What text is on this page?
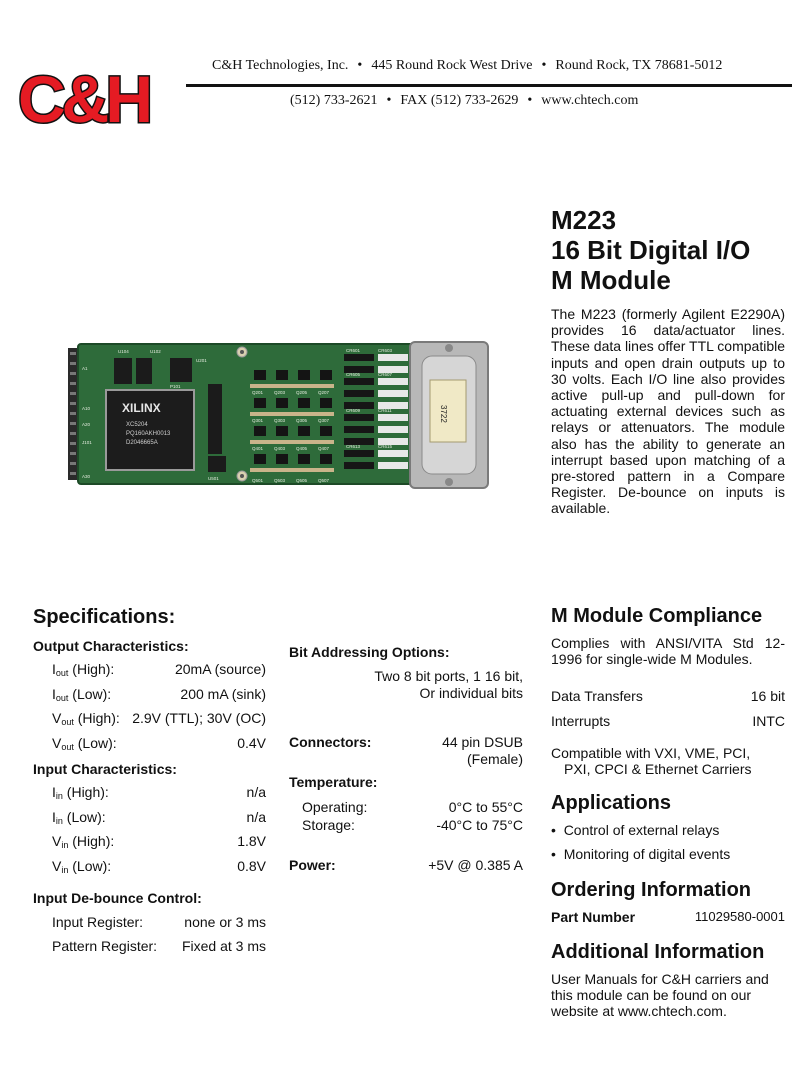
C&H	C&H Technologies, Inc. • 445 Round Rock West Drive • Round Rock, TX 78681-5012
(512) 733-2621 • FAX (512) 733-2629 • www.chtech.com
M223
16 Bit Digital I/O
M Module
The M223 (formerly Agilent E2290A) provides 16 data/actuator lines. These data lines offer TTL compatible inputs and open drain outputs up to 30 volts. Each I/O line also provides active pull-up and pull-down for actuating external devices such as relays or attenuators. The module also has the ability to generate an interrupt based upon matching of a pre-stored pattern in a Compare Register. De-bounce on inputs is available.
XILINX
XC5204
PQ160AKH0013
D2046665A
3722
U104	U102
U201
P101
J101
U501
A1
A10
A20
A30
Q201 Q203 Q205 Q207
Q301 Q303 Q305 Q307
Q401 Q403 Q405 Q407
Q501 Q503 Q505 Q507
CR601	CR603
CR605	CR607
CR609	CR611
CR613	CR615
Specifications:
Output Characteristics:
$I_{out}$ (High):	20mA (source)
$I_{out}$ (Low):	200 mA (sink)
$V_{out}$ (High): 2.9V (TTL); 30V (OC)
$V_{out}$ (Low):	0.4V
Input Characteristics:
$I_{in}$ (High):	n/a
$I_{in}$ (Low):	n/a
$V_{in}$ (High):	1.8V
$V_{in}$ (Low):	0.8V
Input De-bounce Control:
Input Register:	none or 3 ms
Pattern Register: Fixed at 3 ms
Bit Addressing Options:
Two 8 bit ports, 1 16 bit,
Or individual bits
Connectors:	44 pin DSUB
(Female)
Temperature:
Operating:	0°C to 55°C
Storage:	-40°C to 75°C
Power:	+5V @ 0.385 A
M Module Compliance
Complies with ANSI/VITA Std 12-1996 for single-wide M Modules.
Data Transfers	16 bit
Interrupts	INTC
Compatible with VXI, VME, PCI,
PXI, CPCI & Ethernet Carriers
Applications
•  Control of external relays
•  Monitoring of digital events
Ordering Information
Part Number	11029580-0001
Additional Information
User Manuals for C&H carriers and
this module can be found on our
website at www.chtech.com.
